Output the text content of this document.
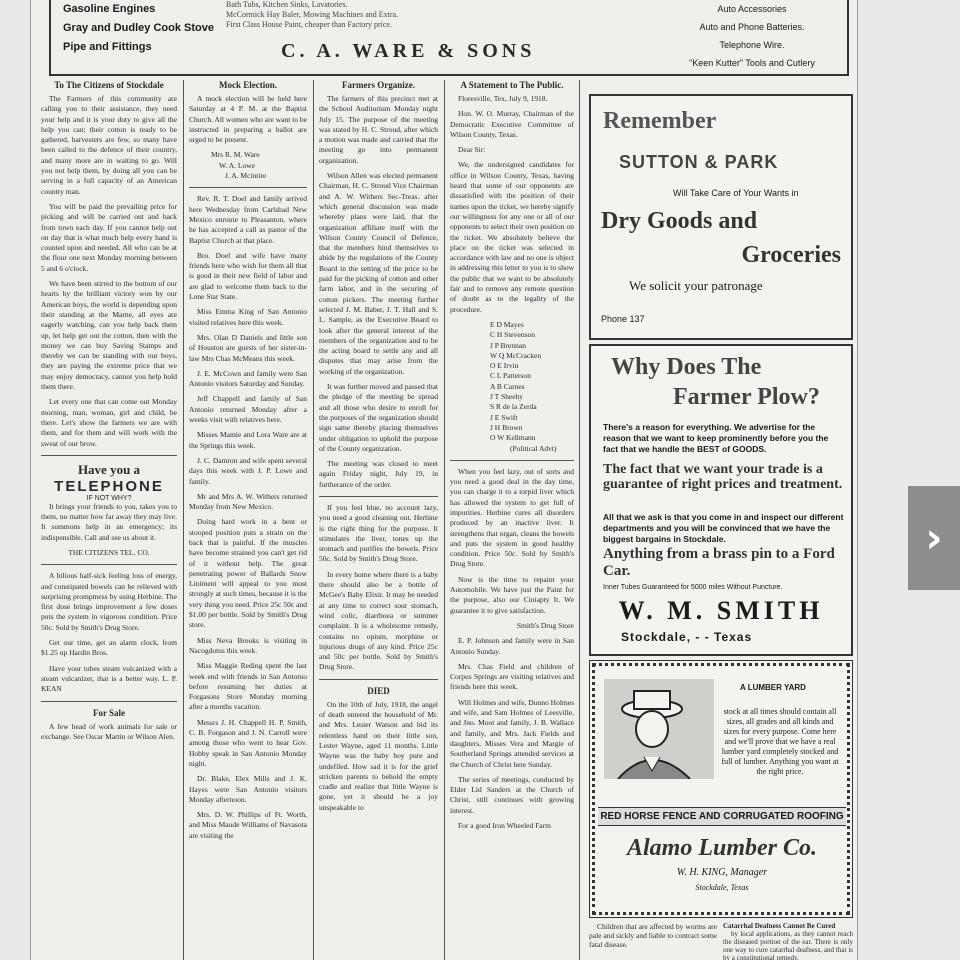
Gasoline Engines
Gray and Dudley Cook Stove
Pipe and Fittings
Bath Tubs, Kitchen Sinks, Lavatories.
McCormick Hay Baler, Mowing Machines and Extra.
First Class House Paint, cheaper than Factory price.
Auto Accessories
Auto and Phone Batteries.
Telephone Wire.
"Keen Kutter" Tools and Cutlery
C. A. WARE & SONS
To The Citizens of Stockdale

The Farmers of this community are calling you to their assistance, they need your help and it is your duty to give all the help you can; their cotton is ready to be gathered, harvesters are few, so many have been called to the defence of their country, and many more are in waiting to go. Will you not help them, by doing all you can be serving in a full capacity of an American country man.

You will be paid the prevailing price for picking and will be carried out and back from town each day. If you cannot help out on day that is what much help every hand is counted upon and needed. All who can be at the flour one next Monday morning between 5 and 6 o'clock.

We have been stirred to the bottom of our hearts by the brilliant victory won by our American boys, the world is depending upon their standing at the Marne, all eyes are eagerly watching, can you help back them up, let help get out the cotton, then with the money we can buy Saving Stamps and thereby we can be standing with our boys, they are paying the extreme price that we may enjoy democracy, cannot you help hold them there.

Let every one that can come out Monday morning, man, woman, girl and child, be there. Let's show the farmers we are with them, and for them and will work with the sweat of our brow.

Have you a
TELEPHONE
IF NOT WHY?

It brings your friends to you, takes you to them, no matter how far away they may live. It summons help in an emergency; its indispensible. Call and see us about it.

THE CITIZENS TEL. CO.

A bilious half-sick feeling loss of energy, and constipated bowels can be relieved with surprising promptness by using Herbine. The first dose brings improvement a few doses puts the system in vigorous condition. Price 50c. Sold by Smith's Drug Store.

Get our time, get an alarm clock, from $1.25 up Hardin Bros.

Have your tubes steam vulcanized with a steam vulcanizer, that is a better way. L. P. KEAN

For Sale

A few head of work animals for sale or exchange. See Oscar Martin or Wilson Alen.

Mock Election.

A mock election will be held here Saturday at 4 P. M. at the Baptist Church. All women who are want to be instructed in preparing a ballot are urged to be present.

Mrs R. M. Ware
W. A. Lowe
J. A. Mcintire

Rev. R. T. Doel and family arrived here Wednesday from Carlsbad New Mexico enroute to Pleasanton, where he has accepted a call as pastor of the Baptist Church at that place.

Bro. Doel and wife have many friends here who wish for them all that is good in their new field of labor and are glad to welcome them back to the Lone Star State.

Miss Emma King of San Antonio visited relatives here this week.

Mrs. Olan D Daniels and little son of Houston are guests of her sister-in-law Mrs Chas McMeans this week.

J. E. McCown and family were San Antonio visitors Saturday and Sunday.

Jeff Chappell and family of San Antonio returned Monday after a weeks visit with relatives here.

Misses Mamie and Lora Ware are at the Springs this week.

J. C. Damron and wife spent several days this week with J. P. Lowe and family.

Mr and Mrs A. W. Withers returned Monday from New Mexico.

Doing hard work in a bent or stooped position puts a strain on the back that is painful. If the muscles have become strained you can't get rid of it without help. The great penetrating power of Ballards Snow Liniment will appeal to you most strongly at such times, because it is the very thing you need. Price 25c 50c and $1.00 per bottle. Sold by Smith's Drug store.

Miss Neva Brooks is visiting in Nacogdotus this week.

Miss Maggie Reding spent the last week end with friends in San Antonio before resuming her duties at Forgasons Store Monday morning after a months vacation.

Messrs J. H. Chappell H. P. Smith, C. B. Forgason and J. N. Carroll were among those who went to hear Gov. Hobby speak in San Antonio Monday night.

Dr. Blake, Elex Mills and J. K. Hayes were San Antonio visitors Monday afternoon.

Mrs. D. W. Phillips of Ft. Worth, and Miss Maude Williams of Navasota are visiting the

Farmers Organize.

The farmers of this precinct met at the School Auditorium Monday night July 15. The purpose of the meeting was stated by H. C. Stroud, after which a motion was made and carried that the meeting go into permanent organization.

Wilson Allen was elected permanent Chairman, H. C. Stroud Vice Chairman and A. W. Withers Sec-Treas. after which general discussion was made whereby plans were laid, that the organization affiliate itself with the Wilson County Council of Defence, that the members bind themselves to abide by the regulations of the County Board in the setting of the price to be paid for the picking of cotton and other farm labor, and in the securing of cotton pickers. The meeting further selected J. M. Baber, J. T. Hall and S. L. Sample, as the Executive Board to look after the general interest of the members of the organization and to be the acting board to settle any and all disputes that may arise from the working of the organization.

It was further moved and passed that the pledge of the meeting be spread and all those who desire to enroll for the purposes of the organization should sign same thereby placing themselves under obligation to uphold the purpose of the County organization.

The meeting was closed to meet again Friday night, July 19, in furtherance of the order.

If you feel blue, no account lazy, you need a good cleaning out. Herbine is the right thing for the purpose. It stimulates the liver, tones up the stomach and purifies the bowels. Price 50c. Sold by Smith's Drug Store.

In every home where there is a baby there should also be a bottle of McGee's Baby Elixir. It may be needed at any time to correct sour stomach, wind colic, diarrhoea or summer complaint. It is a wholesome remedy, contains no opium, morphine or injurious drugs of any kind. Price 25c and 50c per bottle. Sold by Smith's Drug Store.

DIED

On the 10th of July, 1918, the angel of death entered the household of Mr. and Mrs. Lester Watson and bid its relentless hand on their little son, Lester Wayne, aged 11 months. Little Wayne was the baby boy pure and undefiled. How sad it is for the grief stricken parents to behold the empty cradle and realize that little Wayne is gone, yet it should be a joy unspeakable to

A Statement to The Public.

Floresville, Tex, July 9, 1918.

Hon. W. O. Murray, Chairman of the Democratic Executive Committee of Wilson County, Texas.

Dear Sir:

We, the undersigned candidates for office in Wilson County, Texas, having heard that some of our opponents are dissatisfied with the position of their names upon the ticket, we hereby signify our willingness for any one or all of our opponents to select their own position on the ticket. We absolutely believe the place on the ticket was selected in accordance with law and no one is object in addressing this letter to you is to show the public that we want to be absolutely fair and to remove any remote question of doubt as to the legality of the procedure.

E D Mayes
C H Stevenson
J P Brennan
W Q McCracken
O E Irvin
C L Patterson
A B Carnes
J T Sheehy
S R de la Zerda
J E Swift
J H Brown
O W Kellmann
(Political Advt)

When you feel lazy, out of sorts and you need a good deal in the day time, you can charge it to a torpid liver which has allowed the system to get full of impurities. Herbine cures all disorders produced by an inactive liver. It strengthens that organ, cleans the bowels and puts the system in good healthy condition. Price 50c. Sold by Smith's Drug Store.

Now is the time to repaint your Automobile. We have just the Paint for the purpose, also our Ciniapty It. We guarantee it to give satisfaction.

Smith's Drug Store

E. P. Johnson and family were in San Antonio Sunday.

Mrs. Chas Field and children of Corpus Springs are visiting relatives and friends here this week.

Will Holmes and wife, Dunno Holmes and wife, and Sam Holmes of Leesville, and Jno. Moot and family, J. B. Wallace and family, and Mrs. Jack Fields and daughters, Misses Vera and Margie of Southerland Springs attended services at the Church of Christ here Sunday.

The series of meetings, conducted by Elder Lid Sanders at the Church of Christ, still continues with growing interest.

For a good Iron Wheeled Farm

Remember
SUTTON & PARK
Will Take Care of Your Wants in
Dry Goods and
Groceries
We solicit your patronage
Phone 137
Why Does The
Farmer Plow?
There's a reason for everything. We advertise for the reason that we want to keep prominently before you the fact that we handle the BEST of GOODS.
The fact that we want your trade is a guarantee of right prices and treatment.
All that we ask is that you come in and inspect our different departments and you will be convinced that we have the biggest bargains in Stockdale.
Anything from a brass pin to a Ford Car.
Inner Tubes Guaranteed for 5000 miles Without Puncture.
W. M. SMITH
Stockdale, - - Texas
A LUMBER YARD
stock at all times should contain all sizes, all grades and all kinds and sizes for every purpose. Come here and we'll prove that we have a real lumber yard completely stocked and full of lumber. Anything you want at the right price.
RED HORSE FENCE AND CORRUGATED ROOFING
Alamo Lumber Co.
W. H. KING, Manager
Stockdale, Texas

Children that are affected by worms are pale and sickly and liable to contract some fatal disease.

Catarrhal Deafness Cannot Be Cured

by local applications, as they cannot reach the diseased portion of the ear. There is only one way to cure catarrhal deafness, and that is by a constitutional remedy.

›
